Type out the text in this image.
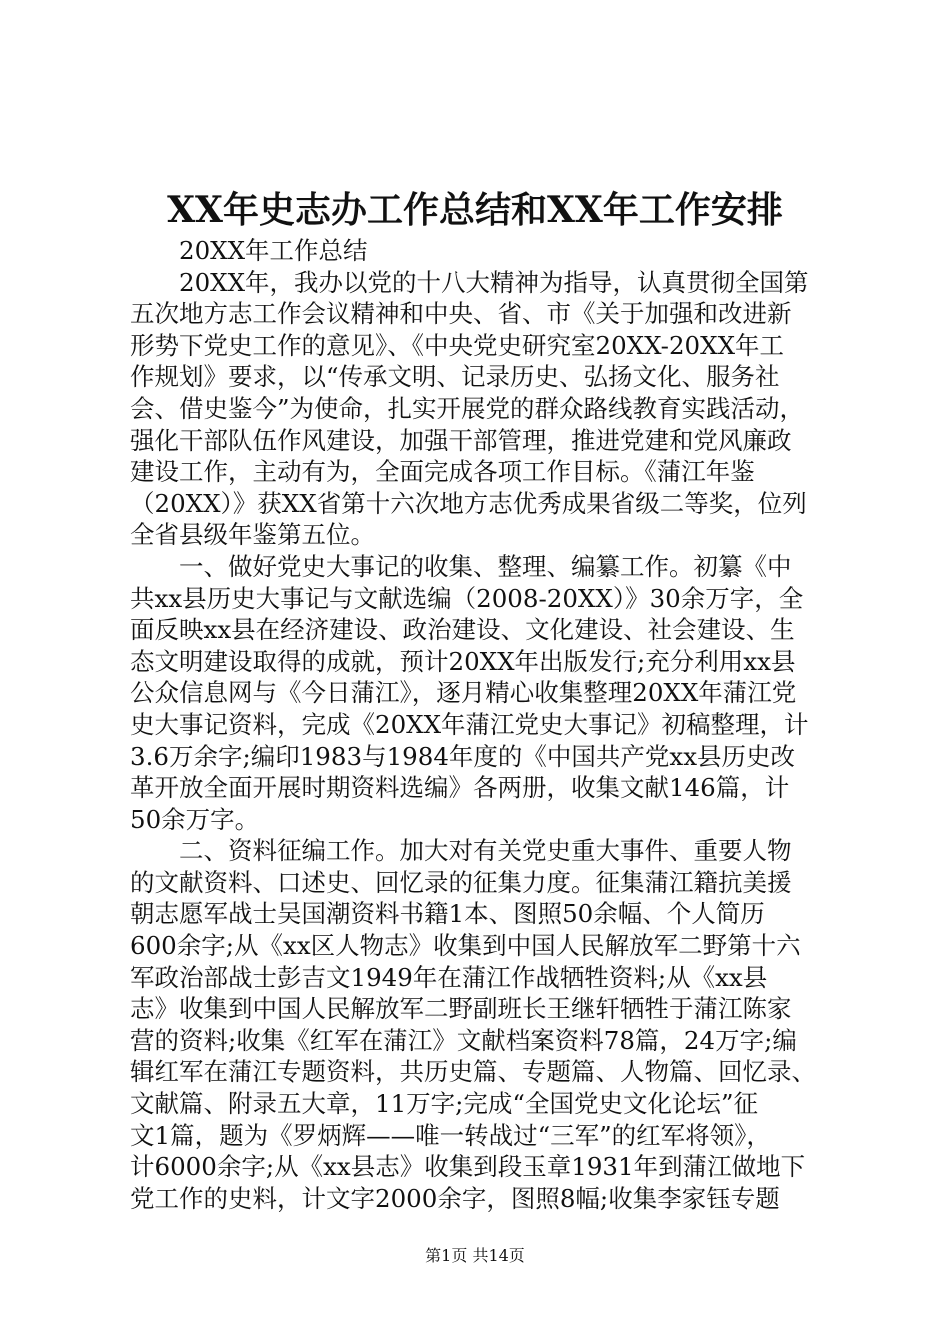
XX年史志办工作总结和XX年工作安排
20XX年工作总结
20XX年，我办以党的十八大精神为指导，认真贯彻全国第
五次地方志工作会议精神和中央、省、市《关于加强和改进新
形势下党史工作的意见》、《中央党史研究室20XX-20XX年工
作规划》要求，以“传承文明、记录历史、弘扬文化、服务社
会、借史鉴今”为使命，扎实开展党的群众路线教育实践活动，
强化干部队伍作风建设，加强干部管理，推进党建和党风廉政
建设工作，主动有为，全面完成各项工作目标。《蒲江年鉴
（20XX）》获XX省第十六次地方志优秀成果省级二等奖，位列
全省县级年鉴第五位。
一、做好党史大事记的收集、整理、编纂工作。初纂《中
共xx县历史大事记与文献选编（2008-20XX）》30余万字，全
面反映xx县在经济建设、政治建设、文化建设、社会建设、生
态文明建设取得的成就，预计20XX年出版发行;充分利用xx县
公众信息网与《今日蒲江》，逐月精心收集整理20XX年蒲江党
史大事记资料，完成《20XX年蒲江党史大事记》初稿整理，计
3.6万余字;编印1983与1984年度的《中国共产党xx县历史改
革开放全面开展时期资料选编》各两册，收集文献146篇，计
50余万字。
二、资料征编工作。加大对有关党史重大事件、重要人物
的文献资料、口述史、回忆录的征集力度。征集蒲江籍抗美援
朝志愿军战士吴国潮资料书籍1本、图照50余幅、个人简历
600余字;从《xx区人物志》收集到中国人民解放军二野第十六
军政治部战士彭吉文1949年在蒲江作战牺牲资料;从《xx县
志》收集到中国人民解放军二野副班长王继轩牺牲于蒲江陈家
营的资料;收集《红军在蒲江》文献档案资料78篇，24万字;编
辑红军在蒲江专题资料，共历史篇、专题篇、人物篇、回忆录、
文献篇、附录五大章，11万字;完成“全国党史文化论坛”征
文1篇，题为《罗炳辉——唯一转战过“三军”的红军将领》，
计6000余字;从《xx县志》收集到段玉章1931年到蒲江做地下
党工作的史料，计文字2000余字，图照8幅;收集李家钰专题
第1页 共14页
